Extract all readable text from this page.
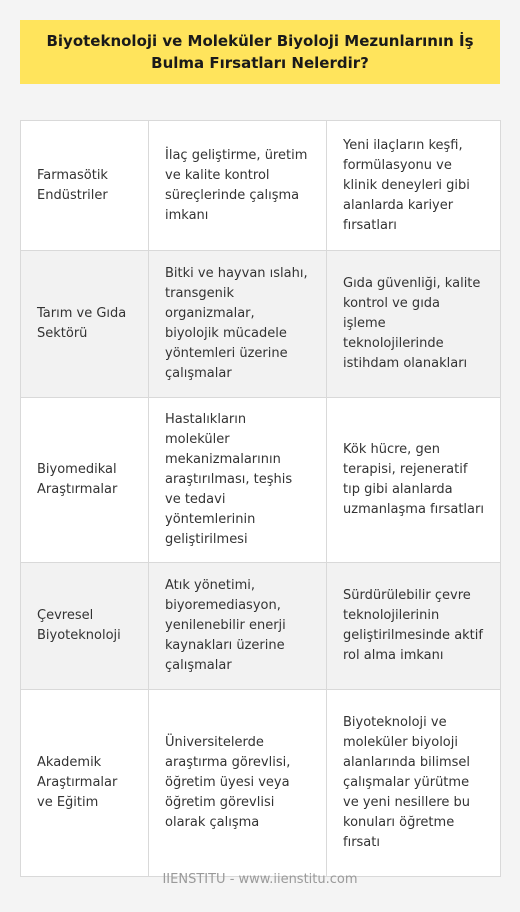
Biyoteknoloji ve Moleküler Biyoloji Mezunlarının İş Bulma Fırsatları Nelerdir?
Farmasötik Endüstriler	İlaç geliştirme, üretim ve kalite kontrol süreçlerinde çalışma imkanı	Yeni ilaçların keşfi, formülasyonu ve klinik deneyleri gibi alanlarda kariyer fırsatları
Tarım ve Gıda Sektörü	Bitki ve hayvan ıslahı, transgenik organizmalar, biyolojik mücadele yöntemleri üzerine çalışmalar	Gıda güvenliği, kalite kontrol ve gıda işleme teknolojilerinde istihdam olanakları
Biyomedikal Araştırmalar	Hastalıkların moleküler mekanizmalarının araştırılması, teşhis ve tedavi yöntemlerinin geliştirilmesi	Kök hücre, gen terapisi, rejeneratif tıp gibi alanlarda uzmanlaşma fırsatları
Çevresel Biyoteknoloji	Atık yönetimi, biyoremediasyon, yenilenebilir enerji kaynakları üzerine çalışmalar	Sürdürülebilir çevre teknolojilerinin geliştirilmesinde aktif rol alma imkanı
Akademik Araştırmalar ve Eğitim	Üniversitelerde araştırma görevlisi, öğretim üyesi veya öğretim görevlisi olarak çalışma	Biyoteknoloji ve moleküler biyoloji alanlarında bilimsel çalışmalar yürütme ve yeni nesillere bu konuları öğretme fırsatı
IIENSTITU - www.iienstitu.com
